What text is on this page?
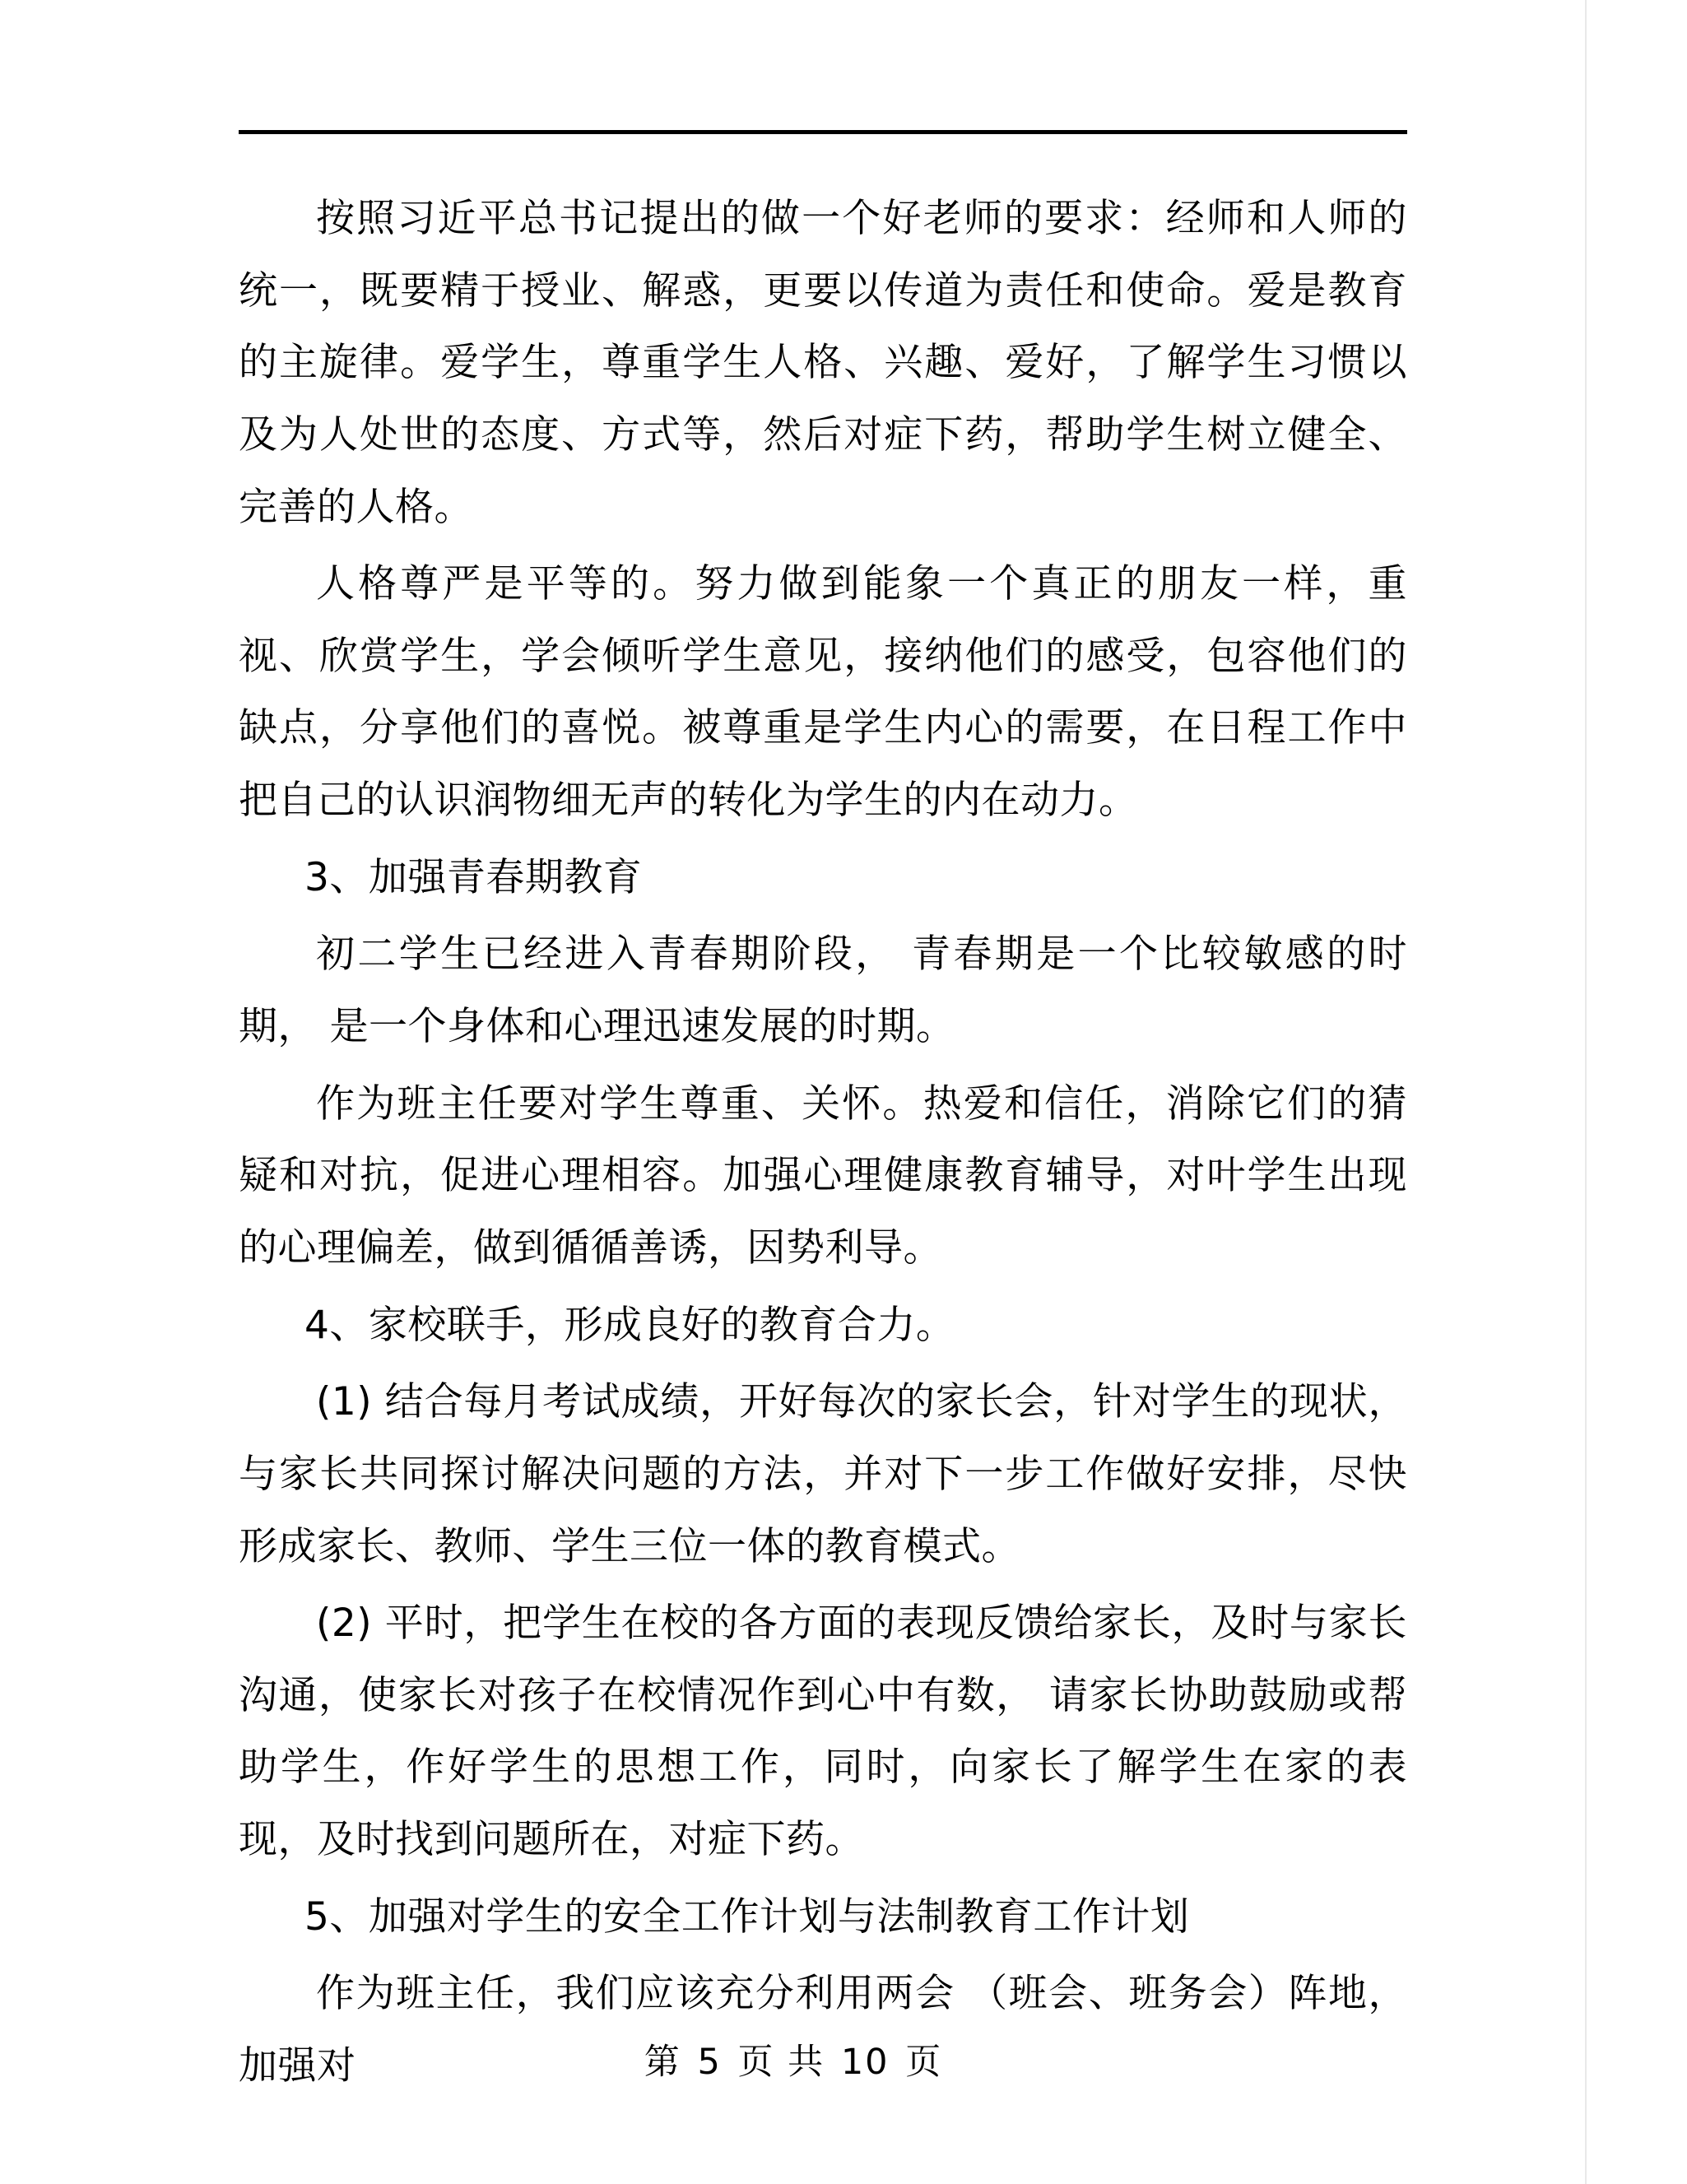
按照习近平总书记提出的做一个好老师的要求：经师和人师的统一，既要精于授业、解惑，更要以传道为责任和使命。爱是教育的主旋律。爱学生，尊重学生人格、兴趣、爱好，了解学生习惯以及为人处世的态度、方式等，然后对症下药，帮助学生树立健全、完善的人格。

人格尊严是平等的。努力做到能象一个真正的朋友一样，重视、欣赏学生，学会倾听学生意见，接纳他们的感受，包容他们的缺点，分享他们的喜悦。被尊重是学生内心的需要，在日程工作中把自己的认识润物细无声的转化为学生的内在动力。

3、加强青春期教育

初二学生已经进入青春期阶段， 青春期是一个比较敏感的时期， 是一个身体和心理迅速发展的时期。

作为班主任要对学生尊重、关怀。热爱和信任，消除它们的猜疑和对抗，促进心理相容。加强心理健康教育辅导，对叶学生出现的心理偏差，做到循循善诱，因势利导。

4、家校联手，形成良好的教育合力。

(1) 结合每月考试成绩，开好每次的家长会，针对学生的现状，与家长共同探讨解决问题的方法，并对下一步工作做好安排，尽快形成家长、教师、学生三位一体的教育模式。

(2) 平时，把学生在校的各方面的表现反馈给家长，及时与家长沟通，使家长对孩子在校情况作到心中有数， 请家长协助鼓励或帮助学生，作好学生的思想工作，同时，向家长了解学生在家的表现，及时找到问题所在，对症下药。

5、加强对学生的安全工作计划与法制教育工作计划

作为班主任，我们应该充分利用两会 （班会、班务会）阵地，加强对	第 5 页 共 10 页
